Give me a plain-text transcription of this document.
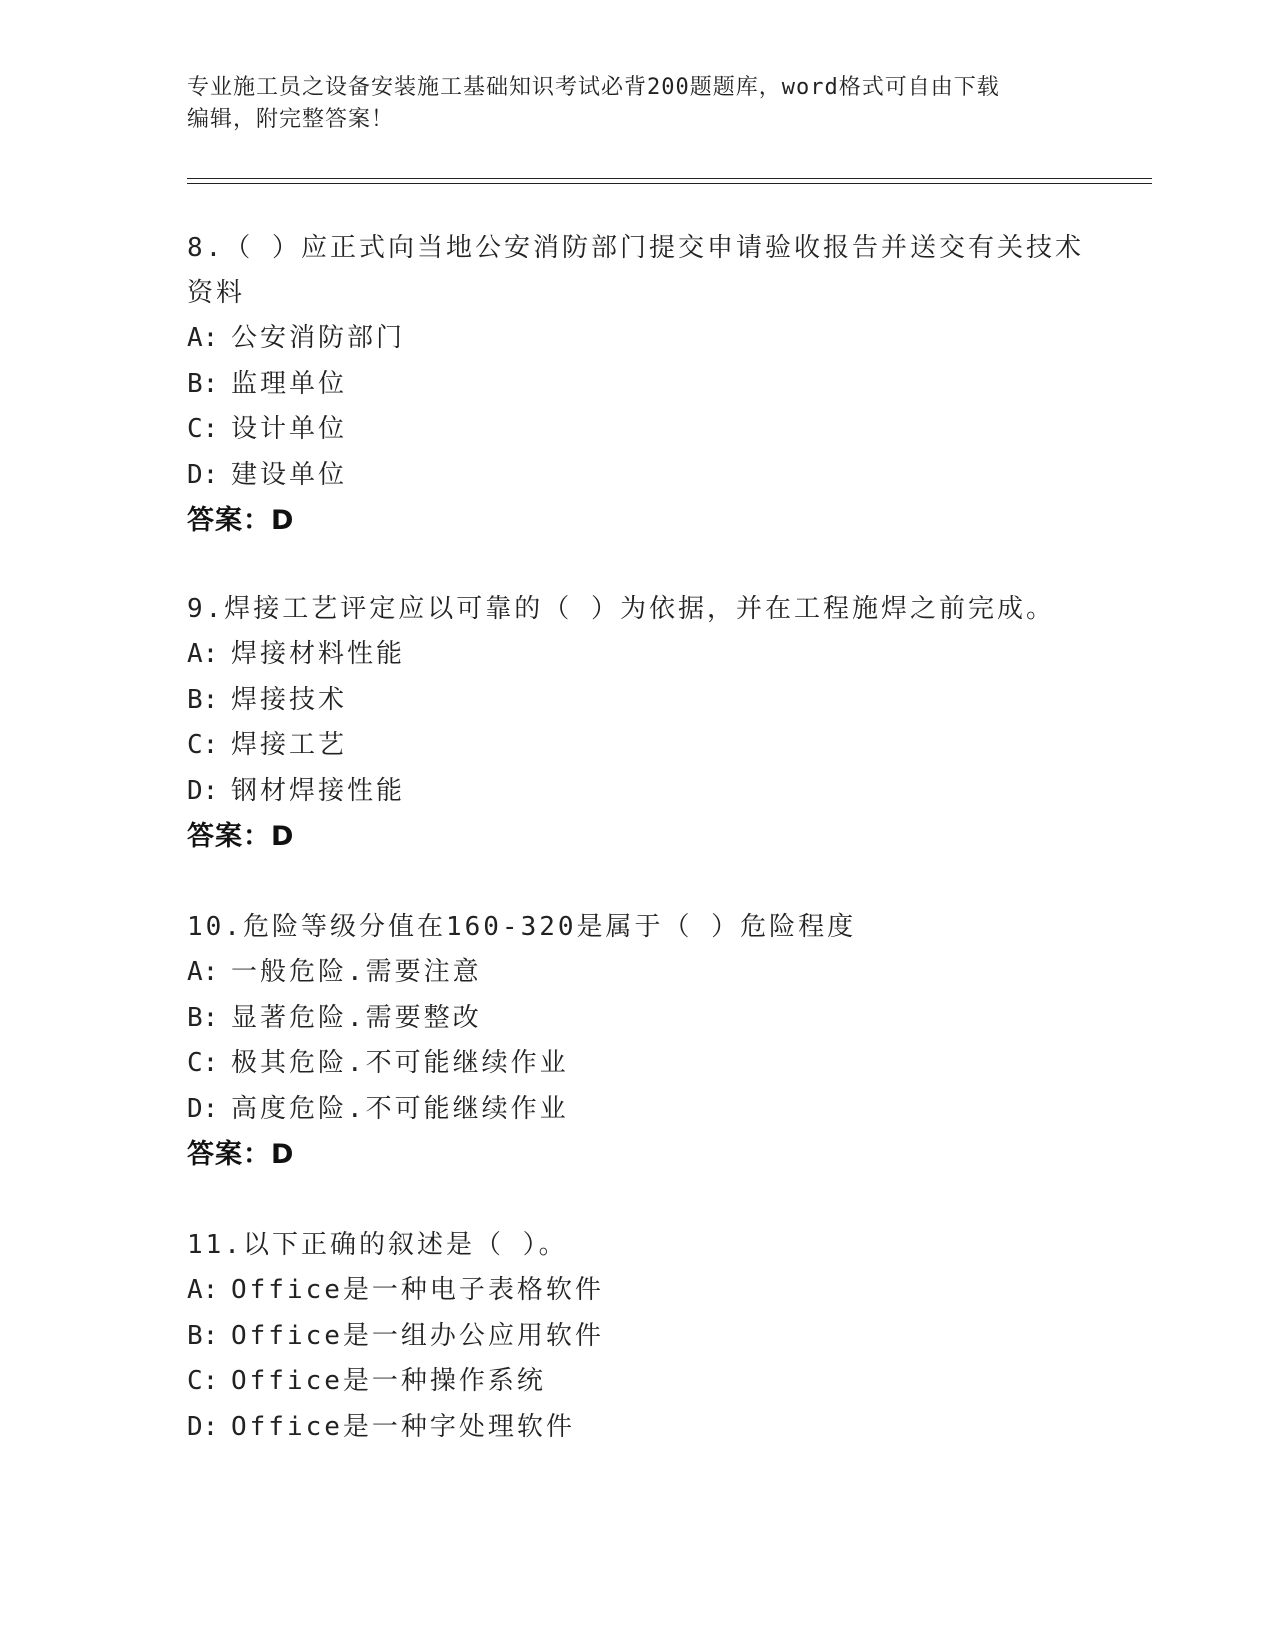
专业施工员之设备安装施工基础知识考试必背200题题库，word格式可自由下载
编辑，附完整答案！
8.（ ）应正式向当地公安消防部门提交申请验收报告并送交有关技术
资料
A: 公安消防部门
B: 监理单位
C: 设计单位
D: 建设单位
答案：D
9.焊接工艺评定应以可靠的（ ）为依据，并在工程施焊之前完成。
A: 焊接材料性能
B: 焊接技术
C: 焊接工艺
D: 钢材焊接性能
答案：D
10.危险等级分值在160-320是属于（ ）危险程度
A: 一般危险.需要注意
B: 显著危险.需要整改
C: 极其危险.不可能继续作业
D: 高度危险.不可能继续作业
答案：D
11.以下正确的叙述是（ ）。
A: Office是一种电子表格软件
B: Office是一组办公应用软件
C: Office是一种操作系统
D: Office是一种字处理软件
